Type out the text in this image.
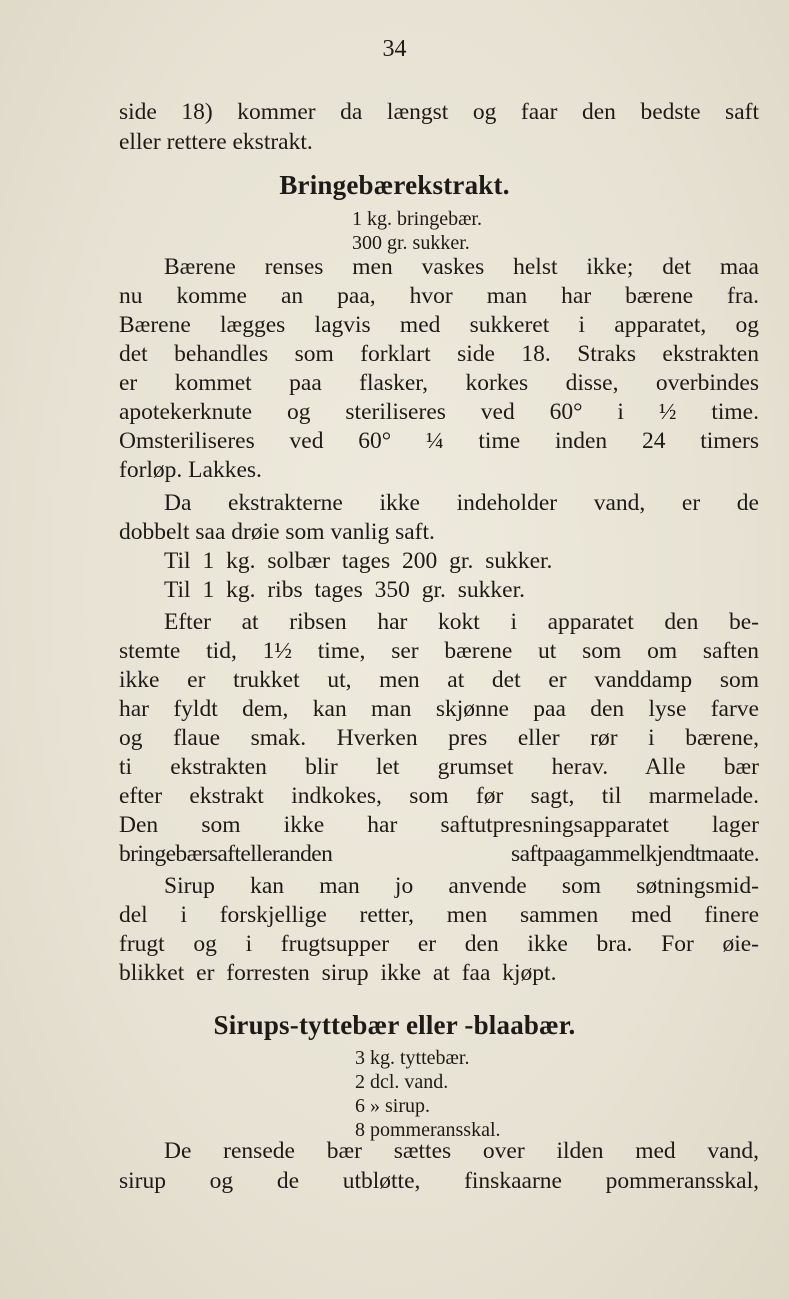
34
side 18) kommer da længst og faar den bedste saft
eller rettere ekstrakt.
Bringebærekstrakt.
1 kg. bringebær.
300 gr. sukker.
Bærene renses men vaskes helst ikke; det maa
nu komme an paa, hvor man har bærene fra.
Bærene lægges lagvis med sukkeret i apparatet, og
det behandles som forklart side 18. Straks ekstrakten
er kommet paa flasker, korkes disse, overbindes
apotekerknute og steriliseres ved 60° i ½ time.
Omsteriliseres ved 60° ¼ time inden 24 timers
forløp. Lakkes.
Da ekstrakterne ikke indeholder vand, er de
dobbelt saa drøie som vanlig saft.
Til 1 kg. solbær tages 200 gr. sukker.
Til 1 kg. ribs tages 350 gr. sukker.
Efter at ribsen har kokt i apparatet den be-
stemte tid, 1½ time, ser bærene ut som om saften
ikke er trukket ut, men at det er vanddamp som
har fyldt dem, kan man skjønne paa den lyse farve
og flaue smak. Hverken pres eller rør i bærene,
ti ekstrakten blir let grumset herav. Alle bær
efter ekstrakt indkokes, som før sagt, til marmelade.
Den som ikke har saftutpresningsapparatet lager
bringebærsaftelleranden saftpaagammelkjendtmaate.
Sirup kan man jo anvende som søtningsmid-
del i forskjellige retter, men sammen med finere
frugt og i frugtsupper er den ikke bra. For øie-
blikket er forresten sirup ikke at faa kjøpt.
Sirups-tyttebær eller -blaabær.
3 kg. tyttebær.
2 dcl. vand.
6 » sirup.
8 pommeransskal.
De rensede bær sættes over ilden med vand,
sirup og de utbløtte, finskaarne pommeransskal,
